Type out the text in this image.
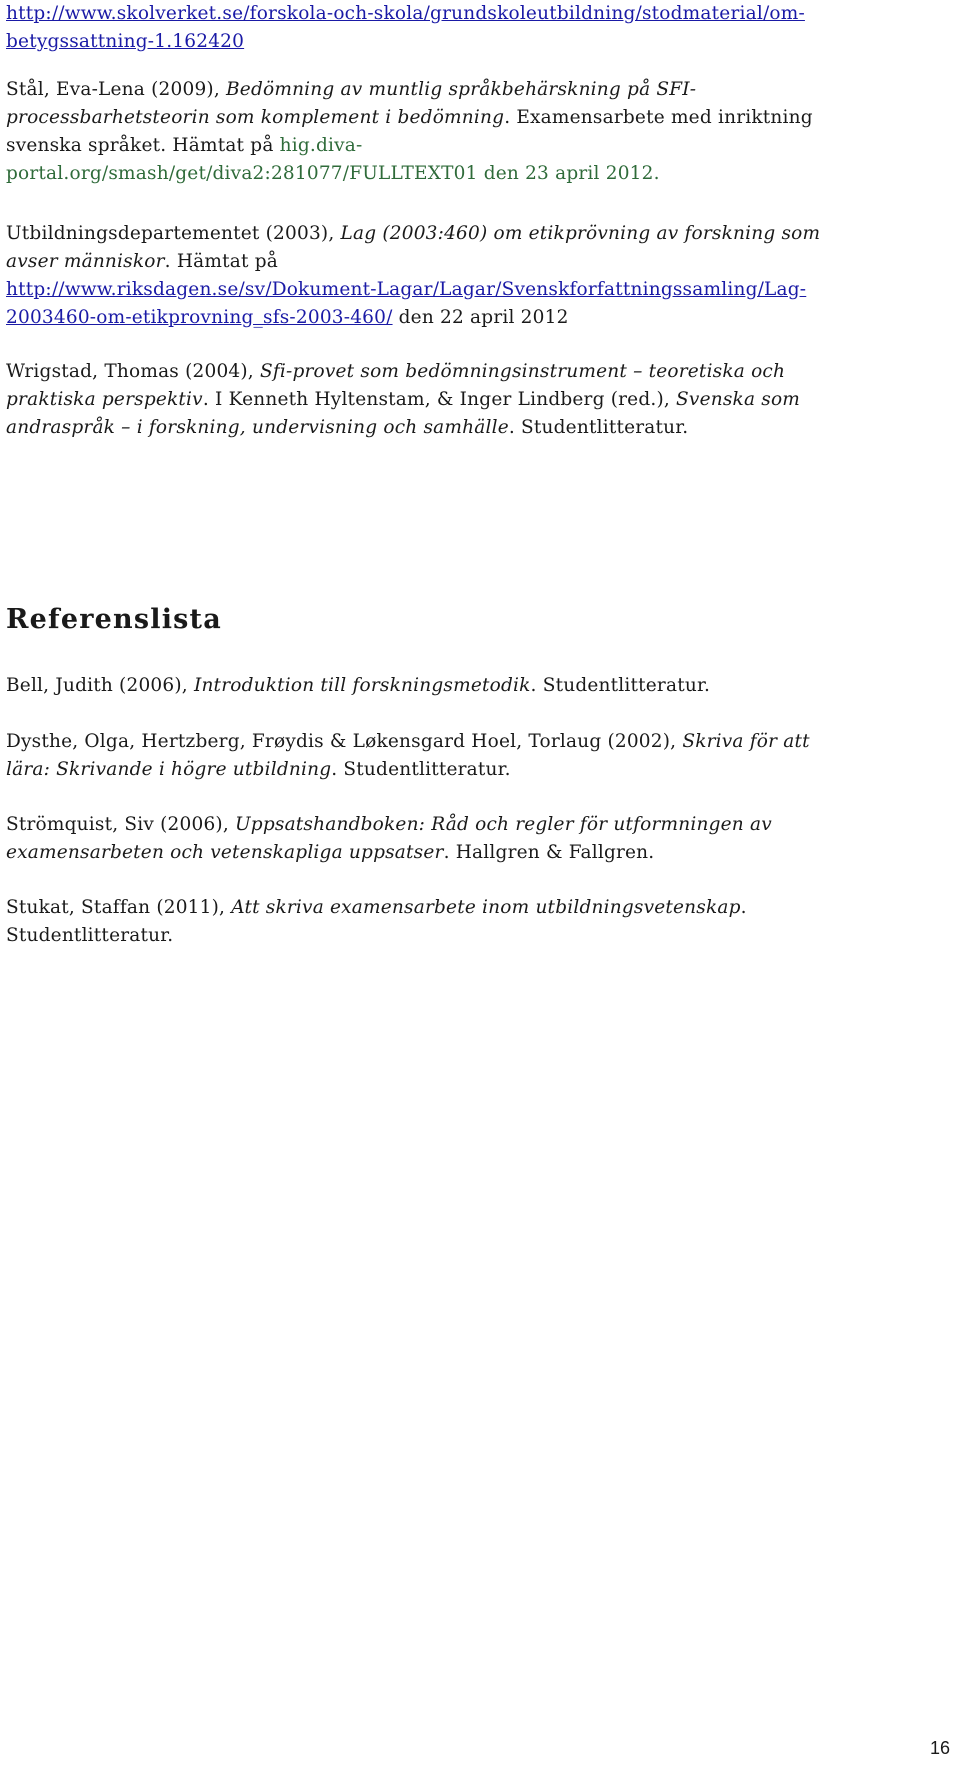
http://www.skolverket.se/forskola-och-skola/grundskoleutbildning/stodmaterial/om-
betygssattning-1.162420

Stål, Eva-Lena (2009), Bedömning av muntlig språkbehärskning på SFI-
processbarhetsteorin som komplement i bedömning. Examensarbete med inriktning
svenska språket. Hämtat på hig.diva-
portal.org/smash/get/diva2:281077/FULLTEXT01 den 23 april 2012.

Utbildningsdepartementet (2003), Lag (2003:460) om etikprövning av forskning som
avser människor. Hämtat på
http://www.riksdagen.se/sv/Dokument-Lagar/Lagar/Svenskforfattningssamling/Lag-
2003460-om-etikprovning_sfs-2003-460/ den 22 april 2012

Wrigstad, Thomas (2004), Sfi-provet som bedömningsinstrument – teoretiska och
praktiska perspektiv. I Kenneth Hyltenstam, & Inger Lindberg (red.), Svenska som
andraspråk – i forskning, undervisning och samhälle. Studentlitteratur.

Referenslista

Bell, Judith (2006), Introduktion till forskningsmetodik. Studentlitteratur.

Dysthe, Olga, Hertzberg, Frøydis & Løkensgard Hoel, Torlaug (2002), Skriva för att
lära: Skrivande i högre utbildning. Studentlitteratur.

Strömquist, Siv (2006), Uppsatshandboken: Råd och regler för utformningen av
examensarbeten och vetenskapliga uppsatser. Hallgren & Fallgren.

Stukat, Staffan (2011), Att skriva examensarbete inom utbildningsvetenskap.
Studentlitteratur.

16
